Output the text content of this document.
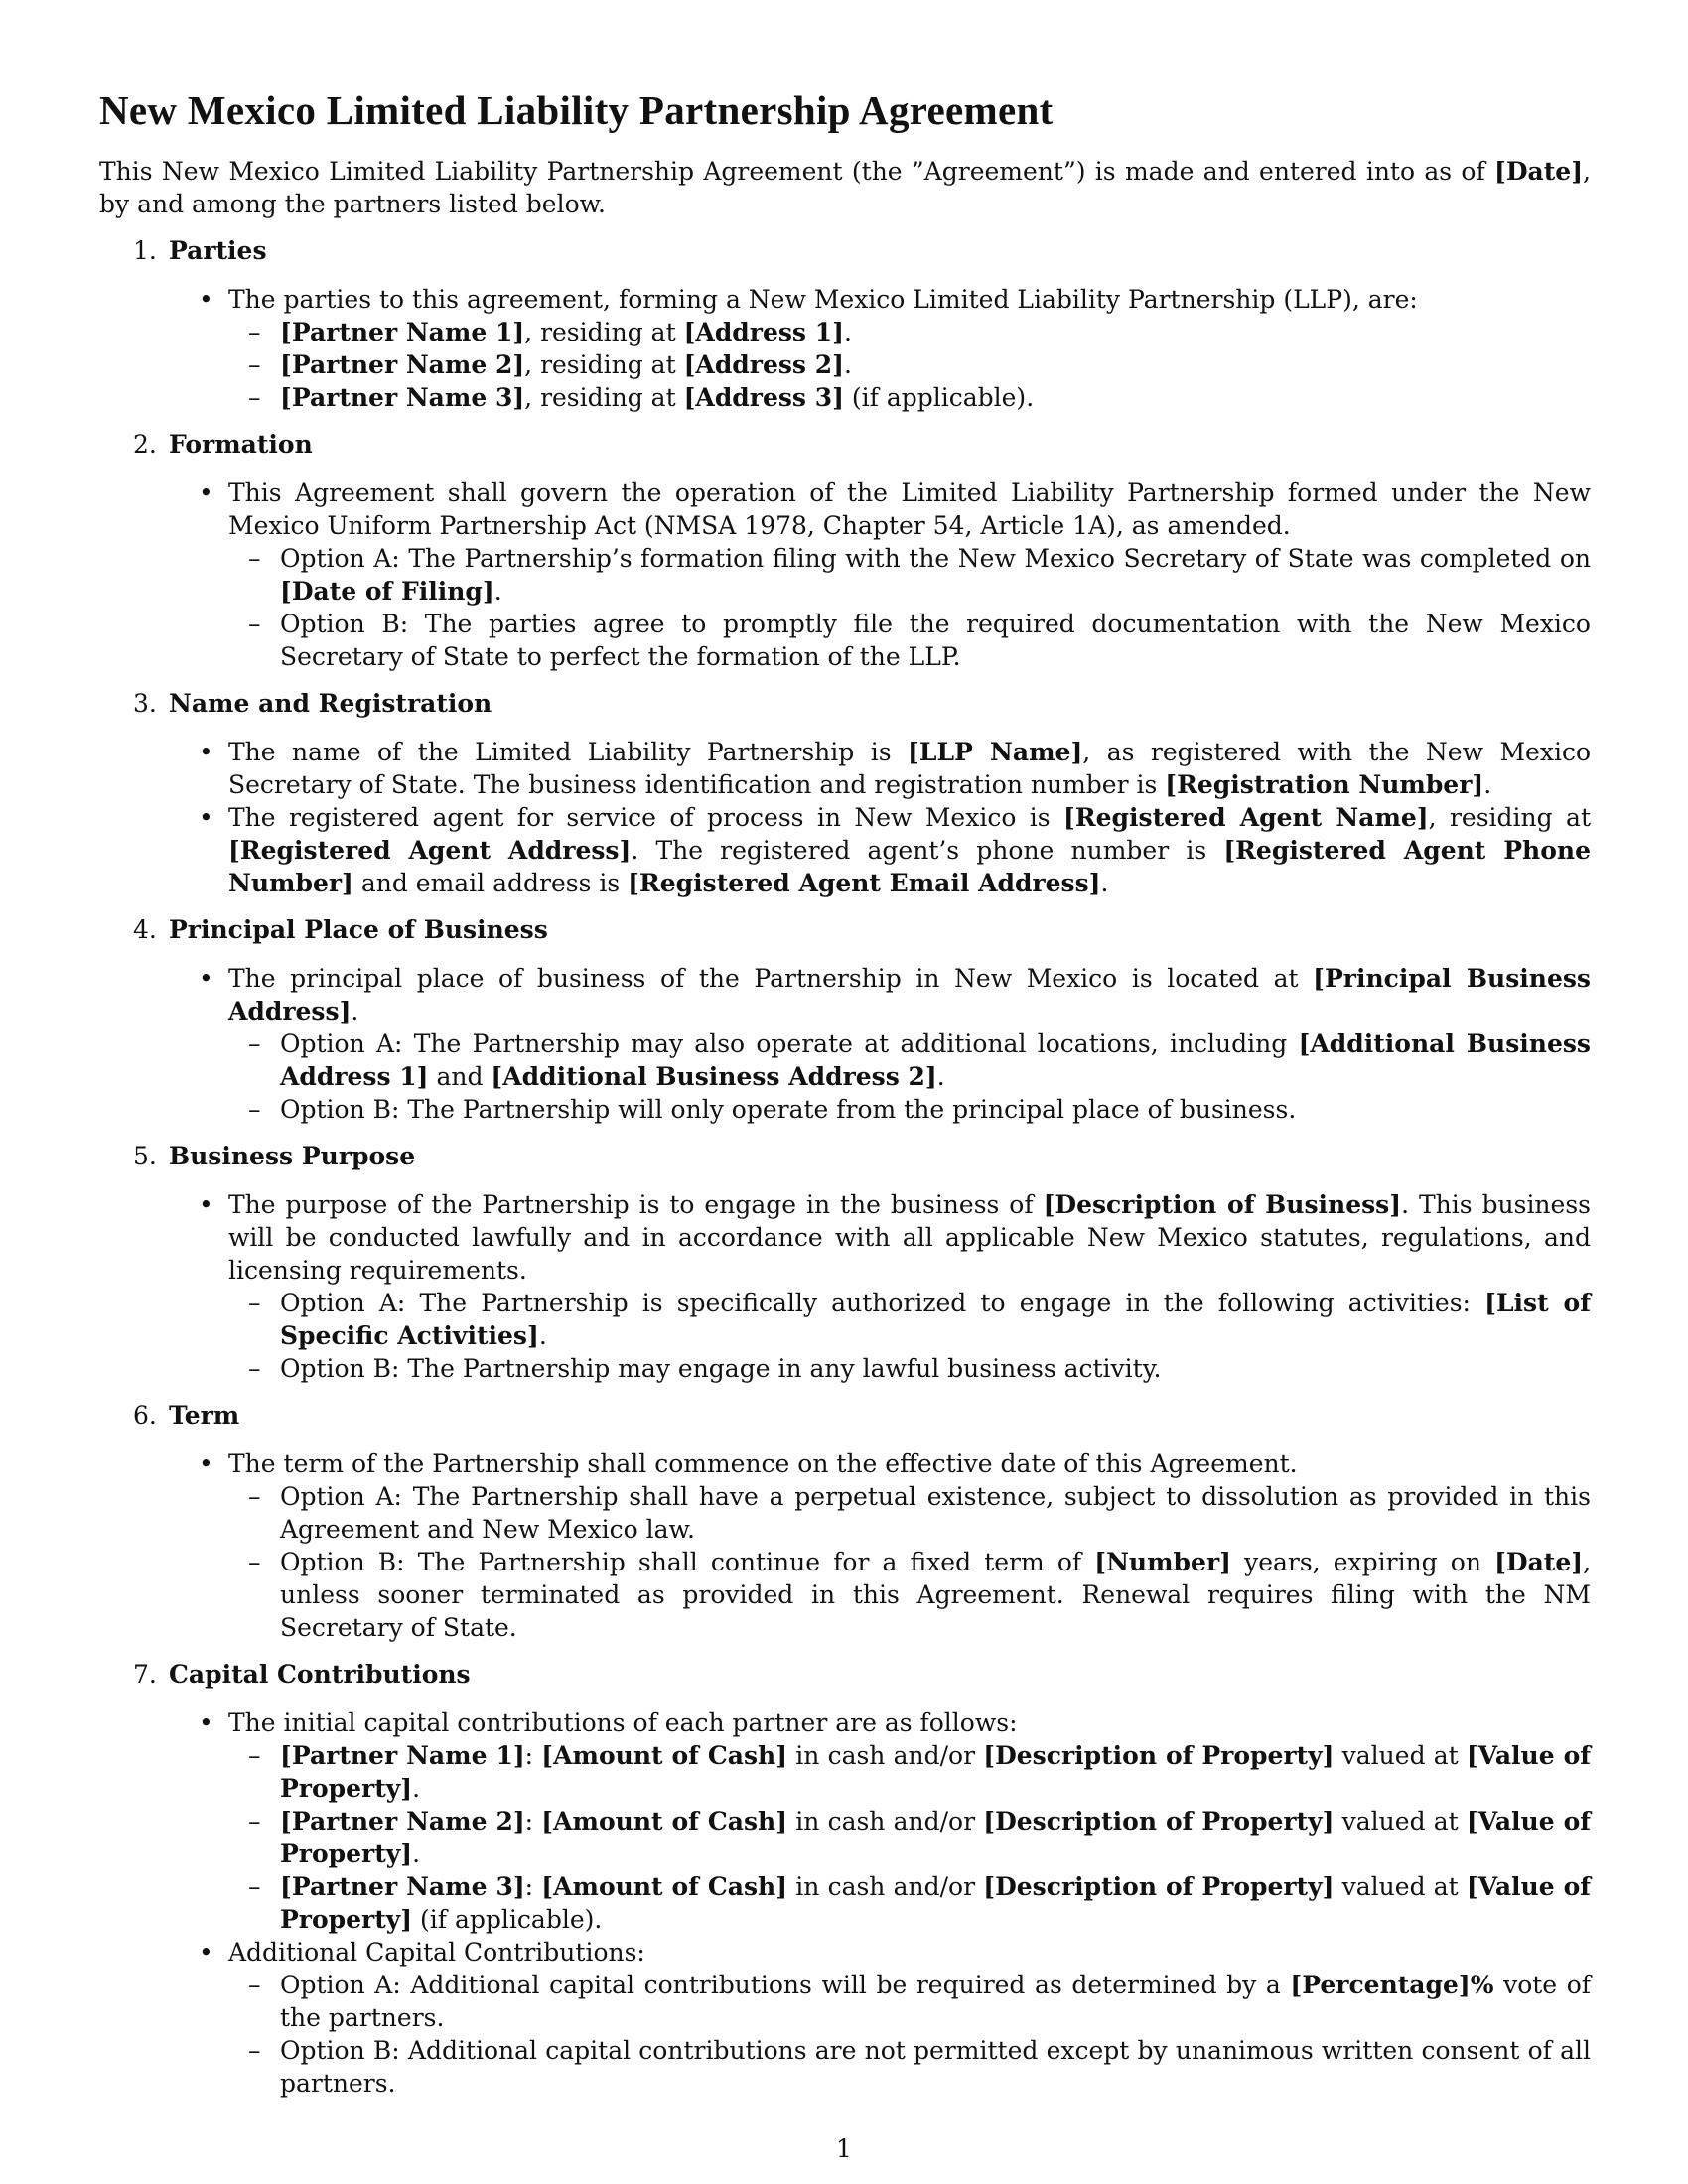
New Mexico Limited Liability Partnership Agreement

This New Mexico Limited Liability Partnership Agreement (the ”Agreement”) is made and entered into as of [Date], by and among the partners listed below.

1. Parties
• The parties to this agreement, forming a New Mexico Limited Liability Partnership (LLP), are:
– [Partner Name 1], residing at [Address 1].
– [Partner Name 2], residing at [Address 2].
– [Partner Name 3], residing at [Address 3] (if applicable).
2. Formation
• This Agreement shall govern the operation of the Limited Liability Partnership formed under the New Mexico Uniform Partnership Act (NMSA 1978, Chapter 54, Article 1A), as amended.
– Option A: The Partnership’s formation filing with the New Mexico Secretary of State was completed on [Date of Filing].
– Option B: The parties agree to promptly file the required documentation with the New Mexico Secretary of State to perfect the formation of the LLP.
3. Name and Registration
• The name of the Limited Liability Partnership is [LLP Name], as registered with the New Mexico Secretary of State. The business identification and registration number is [Registration Number].
• The registered agent for service of process in New Mexico is [Registered Agent Name], residing at [Registered Agent Address]. The registered agent’s phone number is [Registered Agent Phone Number] and email address is [Registered Agent Email Address].
4. Principal Place of Business
• The principal place of business of the Partnership in New Mexico is located at [Principal Business Address].
– Option A: The Partnership may also operate at additional locations, including [Additional Business Address 1] and [Additional Business Address 2].
– Option B: The Partnership will only operate from the principal place of business.
5. Business Purpose
• The purpose of the Partnership is to engage in the business of [Description of Business]. This business will be conducted lawfully and in accordance with all applicable New Mexico statutes, regulations, and licensing requirements.
– Option A: The Partnership is specifically authorized to engage in the following activities: [List of Specific Activities].
– Option B: The Partnership may engage in any lawful business activity.
6. Term
• The term of the Partnership shall commence on the effective date of this Agreement.
– Option A: The Partnership shall have a perpetual existence, subject to dissolution as provided in this Agreement and New Mexico law.
– Option B: The Partnership shall continue for a fixed term of [Number] years, expiring on [Date], unless sooner terminated as provided in this Agreement. Renewal requires filing with the NM Secretary of State.
7. Capital Contributions
• The initial capital contributions of each partner are as follows:
– [Partner Name 1]: [Amount of Cash] in cash and/or [Description of Property] valued at [Value of Property].
– [Partner Name 2]: [Amount of Cash] in cash and/or [Description of Property] valued at [Value of Property].
– [Partner Name 3]: [Amount of Cash] in cash and/or [Description of Property] valued at [Value of Property] (if applicable).
• Additional Capital Contributions:
– Option A: Additional capital contributions will be required as determined by a [Percentage]% vote of the partners.
– Option B: Additional capital contributions are not permitted except by unanimous written consent of all partners.
1
